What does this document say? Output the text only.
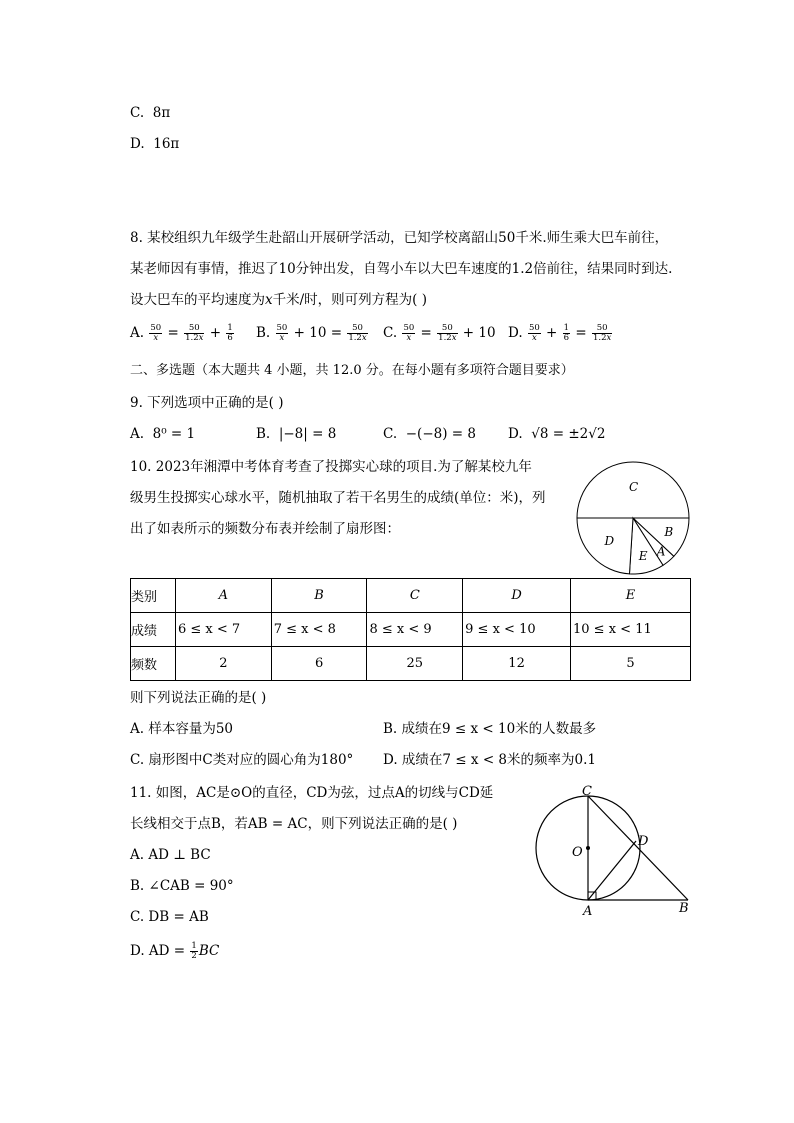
C. 8π
D. 16π
8. 某校组织九年级学生赴韶山开展研学活动，已知学校离韶山50千米.师生乘大巴车前往，
某老师因有事情，推迟了10分钟出发，自驾小车以大巴车速度的1.2倍前往，结果同时到达.
设大巴车的平均速度为x千米/时，则可列方程为( )
A. $\frac{50}{x} = \frac{50}{1.2x} + \frac{1}{6} B$. $\frac{50}{x} + 10 = \frac{50}{1.2x} C$. $\frac{50}{x} = \frac{50}{1.2x} + 10$ D. $\frac{50}{x} + \frac{1}{6} = \frac{50}{1.2x}$
二、多选题（本大题共 4 小题，共 12.0 分。在每小题有多项符合题目要求）
9. 下列选项中正确的是( )
A. 8⁰ = 1	B. |−8| = 8	C. −(−8) = 8 D. √8 = ±2√2
10. 2023年湘潭中考体育考查了投掷实心球的项目.为了解某校九年
级男生投掷实心球水平，随机抽取了若干名男生的成绩(单位：米)，列
出了如表所示的频数分布表并绘制了扇形图：
A
B
C
D
E
类别	A	B	C	D	E
成绩	6 ≤ x < 7	7 ≤ x < 8	8 ≤ x < 9	9 ≤ x < 10	10 ≤ x < 11
频数	2	6	25	12	5
则下列说法正确的是( )
A. 样本容量为50	B. 成绩在9 ≤ x < 10米的人数最多
C. 扇形图中C类对应的圆心角为180° D. 成绩在7 ≤ x < 8米的频率为0.1
11. 如图，AC是⊙O的直径，CD为弦，过点A的切线与CD延
长线相交于点B，若AB = AC，则下列说法正确的是( )
A. AD ⊥ BC
B. ∠CAB = 90°
C. DB = AB
D. AD = $\frac{1}{2}$ BC
C
D
O
A	B
